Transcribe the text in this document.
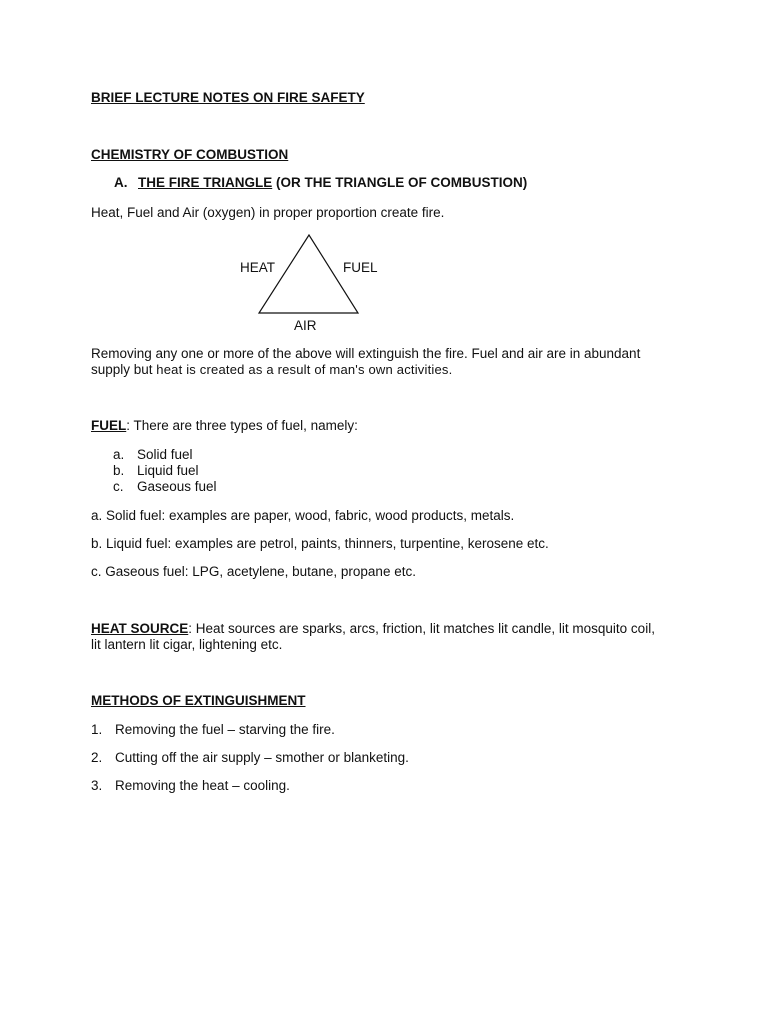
BRIEF LECTURE NOTES ON FIRE SAFETY
CHEMISTRY OF COMBUSTION
A. THE FIRE TRIANGLE (OR THE TRIANGLE OF COMBUSTION)
Heat, Fuel and Air (oxygen) in proper proportion create fire.
HEAT	FUEL
AIR
Removing any one or more of the above will extinguish the fire. Fuel and air are in abundant
supply but heat is created as a result of man's own activities.
FUEL: There are three types of fuel, namely:
a. Solid fuel
b. Liquid fuel
c. Gaseous fuel
a. Solid fuel: examples are paper, wood, fabric, wood products, metals.
b. Liquid fuel: examples are petrol, paints, thinners, turpentine, kerosene etc.
c. Gaseous fuel: LPG, acetylene, butane, propane etc.
HEAT SOURCE: Heat sources are sparks, arcs, friction, lit matches lit candle, lit mosquito coil,
lit lantern lit cigar, lightening etc.
METHODS OF EXTINGUISHMENT
1. Removing the fuel – starving the fire.
2. Cutting off the air supply – smother or blanketing.
3. Removing the heat – cooling.
